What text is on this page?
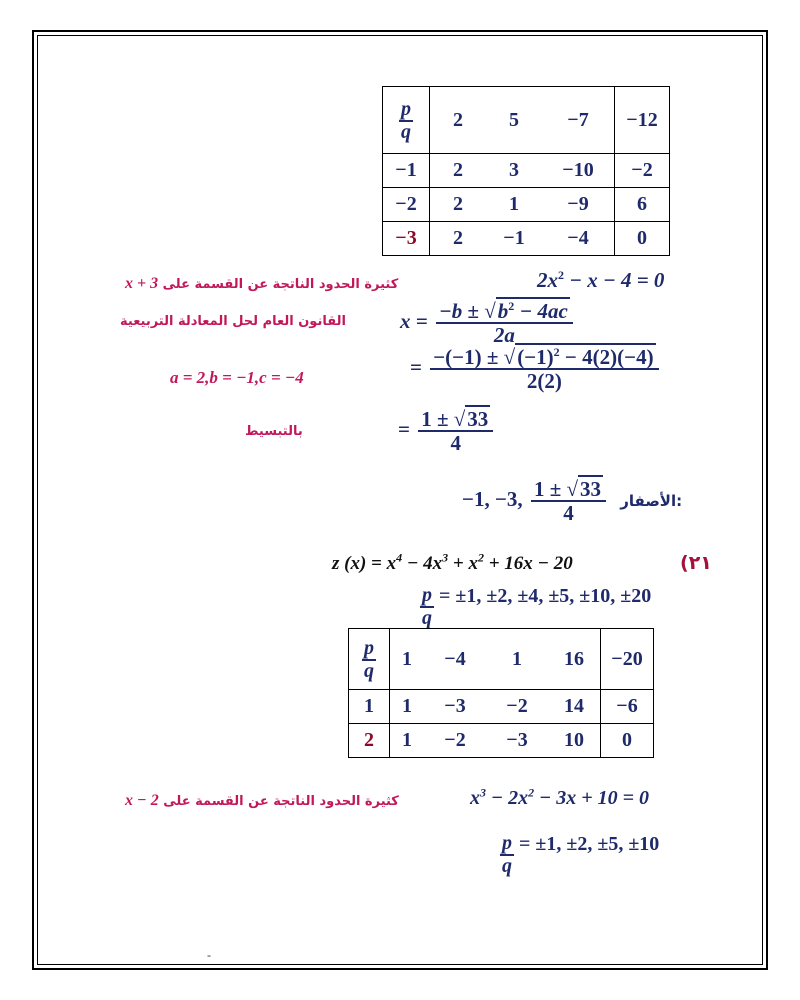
$\frac{p}{q}$	2	5	−7	−12
−1	2	3	−10	−2
−2	2	1	−9	6
−3	2	−1	−4	0
كثيرة الحدود الناتجة عن القسمة على x + 3	$2x^2 - x - 4 = 0$
القانون العام لحل المعادلة التربيعية	$x = \frac{-b \pm √b^2 - 4ac}{2a}$
a = 2,b = −1,c = −4	= $\frac{-(-1) \pm √(-1)^2 - 4(2)(-4)}{2(2)}$
بالتبسيط	= $\frac{1 \pm √33}{4}$
−1, −3, $\frac{1 \pm √33}{4}$ الأصفار:
z $(x) = x^4 - 4x^3 + x^2 + 16x - 20$	(٢١
$\frac{p}{q} = \pm 1$, ±2, ±4, ±5, ±10, ±20
$\frac{p}{q}$	1	−4	1	16	−20
1	1	−3	−2	14	−6
2	1	−2	−3	10	0
كثيرة الحدود الناتجة عن القسمة على x − 2	$x^3 - 2x^2 - 3x + 10 = 0$
$\frac{p}{q} = \pm 1$, ±2, ±5, ±10
-
